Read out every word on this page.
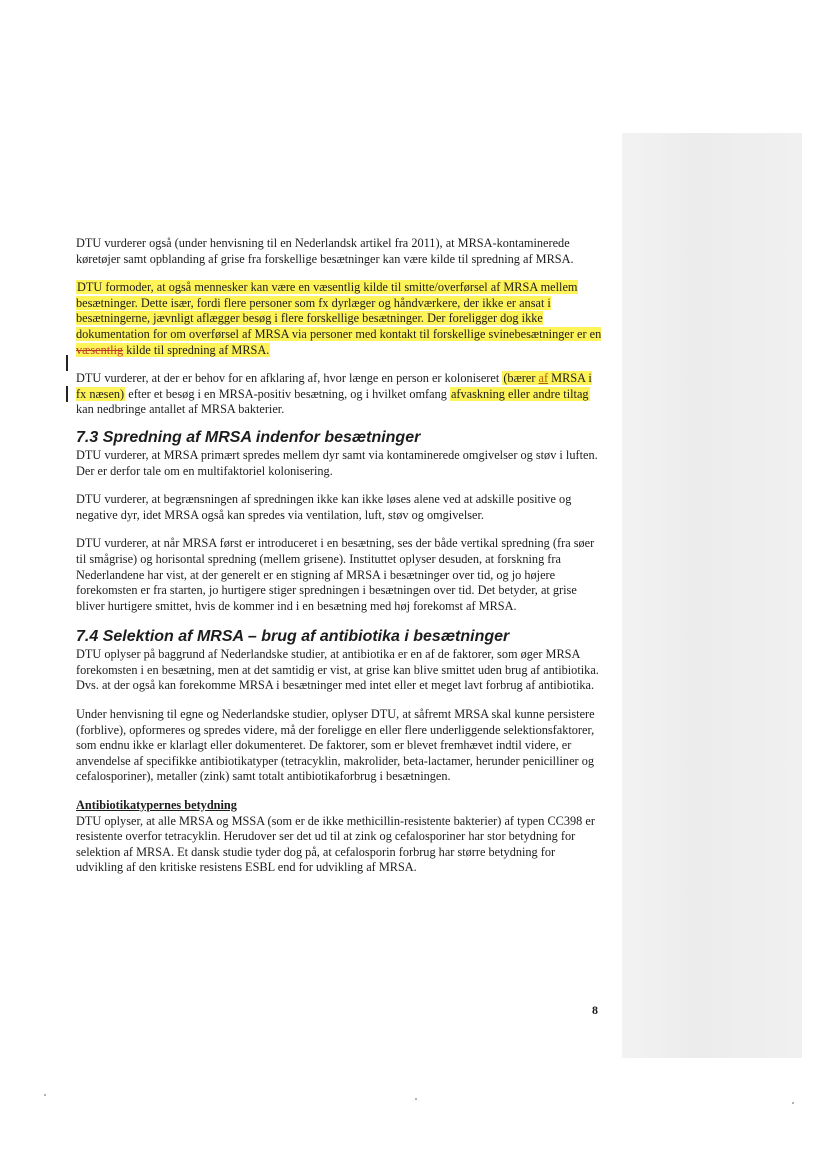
DTU vurderer også (under henvisning til en Nederlandsk artikel fra 2011), at MRSA-kontaminerede køretøjer samt opblanding af grise fra forskellige besætninger kan være kilde til spredning af MRSA.

DTU formoder, at også mennesker kan være en væsentlig kilde til smitte/overførsel af MRSA mellem besætninger. Dette især, fordi flere personer som fx dyrlæger og håndværkere, der ikke er ansat i besætningerne, jævnligt aflægger besøg i flere forskellige besætninger. Der foreligger dog ikke dokumentation for om overførsel af MRSA via personer med kontakt til forskellige svinebesætninger er en væsentlig kilde til spredning af MRSA.

DTU vurderer, at der er behov for en afklaring af, hvor længe en person er koloniseret (bærer af MRSA i fx næsen) efter et besøg i en MRSA-positiv besætning, og i hvilket omfang afvaskning eller andre tiltag kan nedbringe antallet af MRSA bakterier.

7.3 Spredning af MRSA indenfor besætninger

DTU vurderer, at MRSA primært spredes mellem dyr samt via kontaminerede omgivelser og støv i luften. Der er derfor tale om en multifaktoriel kolonisering.

DTU vurderer, at begrænsningen af spredningen ikke kan ikke løses alene ved at adskille positive og negative dyr, idet MRSA også kan spredes via ventilation, luft, støv og omgivelser.

DTU vurderer, at når MRSA først er introduceret i en besætning, ses der både vertikal spredning (fra søer til smågrise) og horisontal spredning (mellem grisene). Instituttet oplyser desuden, at forskning fra Nederlandene har vist, at der generelt er en stigning af MRSA i besætninger over tid, og jo højere forekomsten er fra starten, jo hurtigere stiger spredningen i besætningen over tid. Det betyder, at grise bliver hurtigere smittet, hvis de kommer ind i en besætning med høj forekomst af MRSA.

7.4 Selektion af MRSA – brug af antibiotika i besætninger

DTU oplyser på baggrund af Nederlandske studier, at antibiotika er en af de faktorer, som øger MRSA forekomsten i en besætning, men at det samtidig er vist, at grise kan blive smittet uden brug af antibiotika. Dvs. at der også kan forekomme MRSA i besætninger med intet eller et meget lavt forbrug af antibiotika.

Under henvisning til egne og Nederlandske studier, oplyser DTU, at såfremt MRSA skal kunne persistere (forblive), opformeres og spredes videre, må der foreligge en eller flere underliggende selektionsfaktorer, som endnu ikke er klarlagt eller dokumenteret. De faktorer, som er blevet fremhævet indtil videre, er anvendelse af specifikke antibiotikatyper (tetracyklin, makrolider, beta-lactamer, herunder penicilliner og cefalosporiner), metaller (zink) samt totalt antibiotikaforbrug i besætningen.

Antibiotikatypernes betydning

DTU oplyser, at alle MRSA og MSSA (som er de ikke methicillin-resistente bakterier) af typen CC398 er resistente overfor tetracyklin. Herudover ser det ud til at zink og cefalosporiner har stor betydning for selektion af MRSA. Et dansk studie tyder dog på, at cefalosporin forbrug har større betydning for udvikling af den kritiske resistens ESBL end for udvikling af MRSA.

8
